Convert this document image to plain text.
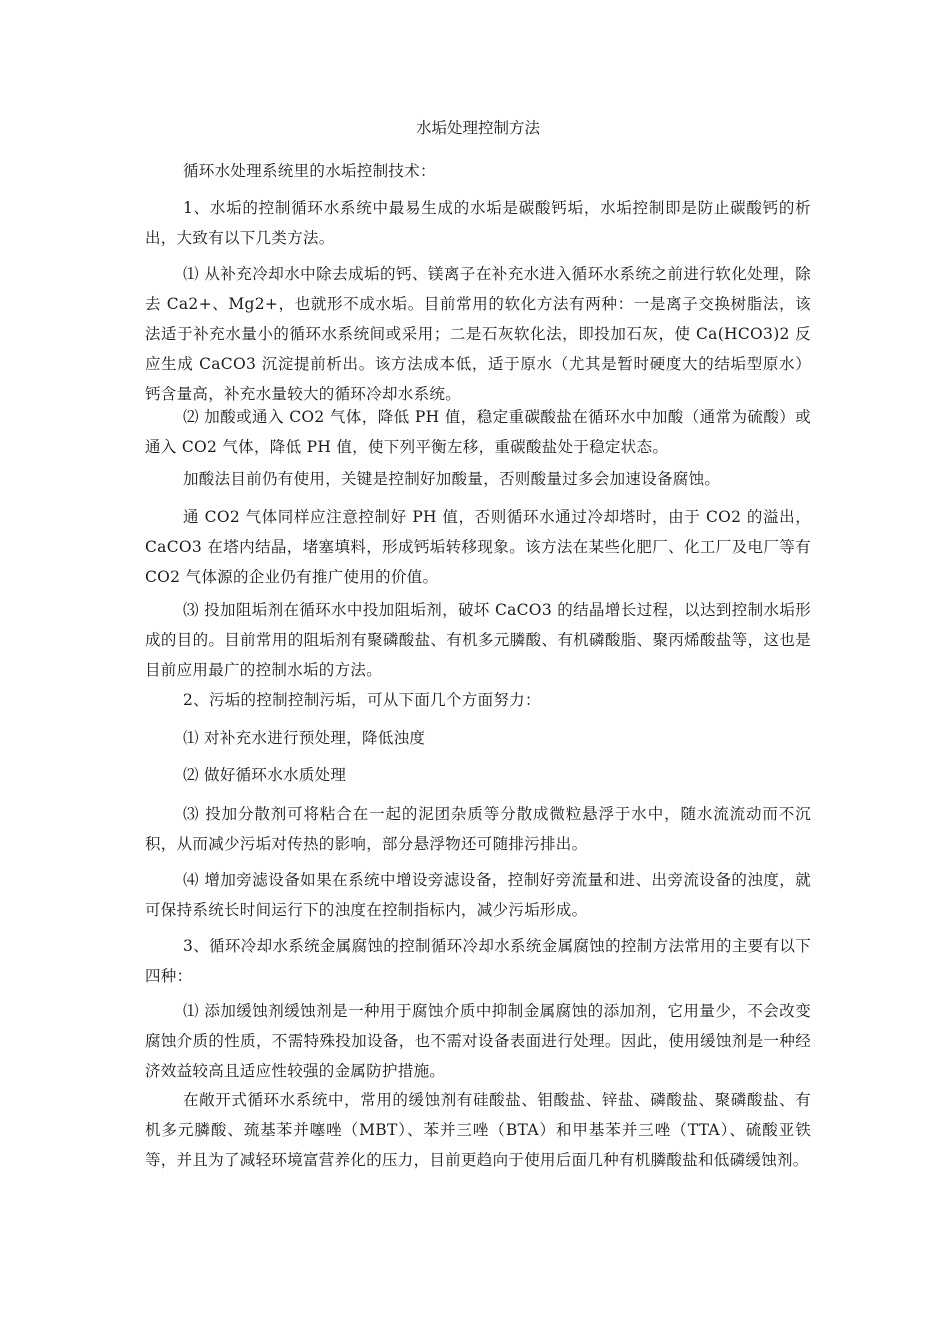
水垢处理控制方法

循环水处理系统里的水垢控制技术：

1、水垢的控制循环水系统中最易生成的水垢是碳酸钙垢，水垢控制即是防止碳酸钙的析出，大致有以下几类方法。

⑴ 从补充冷却水中除去成垢的钙、镁离子在补充水进入循环水系统之前进行软化处理，除去 Ca2+、Mg2+，也就形不成水垢。目前常用的软化方法有两种：一是离子交换树脂法，该法适于补充水量小的循环水系统间或采用；二是石灰软化法，即投加石灰，使 Ca(HCO3)2 反应生成 CaCO3 沉淀提前析出。该方法成本低，适于原水（尤其是暂时硬度大的结垢型原水）钙含量高，补充水量较大的循环冷却水系统。

⑵ 加酸或通入 CO2 气体，降低 PH 值，稳定重碳酸盐在循环水中加酸（通常为硫酸）或通入 CO2 气体，降低 PH 值，使下列平衡左移，重碳酸盐处于稳定状态。

加酸法目前仍有使用，关键是控制好加酸量，否则酸量过多会加速设备腐蚀。

通 CO2 气体同样应注意控制好 PH 值，否则循环水通过冷却塔时，由于 CO2 的溢出，CaCO3 在塔内结晶，堵塞填料，形成钙垢转移现象。该方法在某些化肥厂、化工厂及电厂等有 CO2 气体源的企业仍有推广使用的价值。

⑶ 投加阻垢剂在循环水中投加阻垢剂，破坏 CaCO3 的结晶增长过程，以达到控制水垢形成的目的。目前常用的阻垢剂有聚磷酸盐、有机多元膦酸、有机磷酸脂、聚丙烯酸盐等，这也是目前应用最广的控制水垢的方法。

2、污垢的控制控制污垢，可从下面几个方面努力：

⑴ 对补充水进行预处理，降低浊度

⑵ 做好循环水水质处理

⑶ 投加分散剂可将粘合在一起的泥团杂质等分散成微粒悬浮于水中，随水流流动而不沉积，从而减少污垢对传热的影响，部分悬浮物还可随排污排出。

⑷ 增加旁滤设备如果在系统中增设旁滤设备，控制好旁流量和进、出旁流设备的浊度，就可保持系统长时间运行下的浊度在控制指标内，减少污垢形成。

3、循环冷却水系统金属腐蚀的控制循环冷却水系统金属腐蚀的控制方法常用的主要有以下四种：

⑴ 添加缓蚀剂缓蚀剂是一种用于腐蚀介质中抑制金属腐蚀的添加剂，它用量少，不会改变腐蚀介质的性质，不需特殊投加设备，也不需对设备表面进行处理。因此，使用缓蚀剂是一种经济效益较高且适应性较强的金属防护措施。

在敞开式循环水系统中，常用的缓蚀剂有硅酸盐、钼酸盐、锌盐、磷酸盐、聚磷酸盐、有机多元膦酸、巯基苯并噻唑（MBT）、苯并三唑（BTA）和甲基苯并三唑（TTA）、硫酸亚铁等，并且为了减轻环境富营养化的压力，目前更趋向于使用后面几种有机膦酸盐和低磷缓蚀剂。
